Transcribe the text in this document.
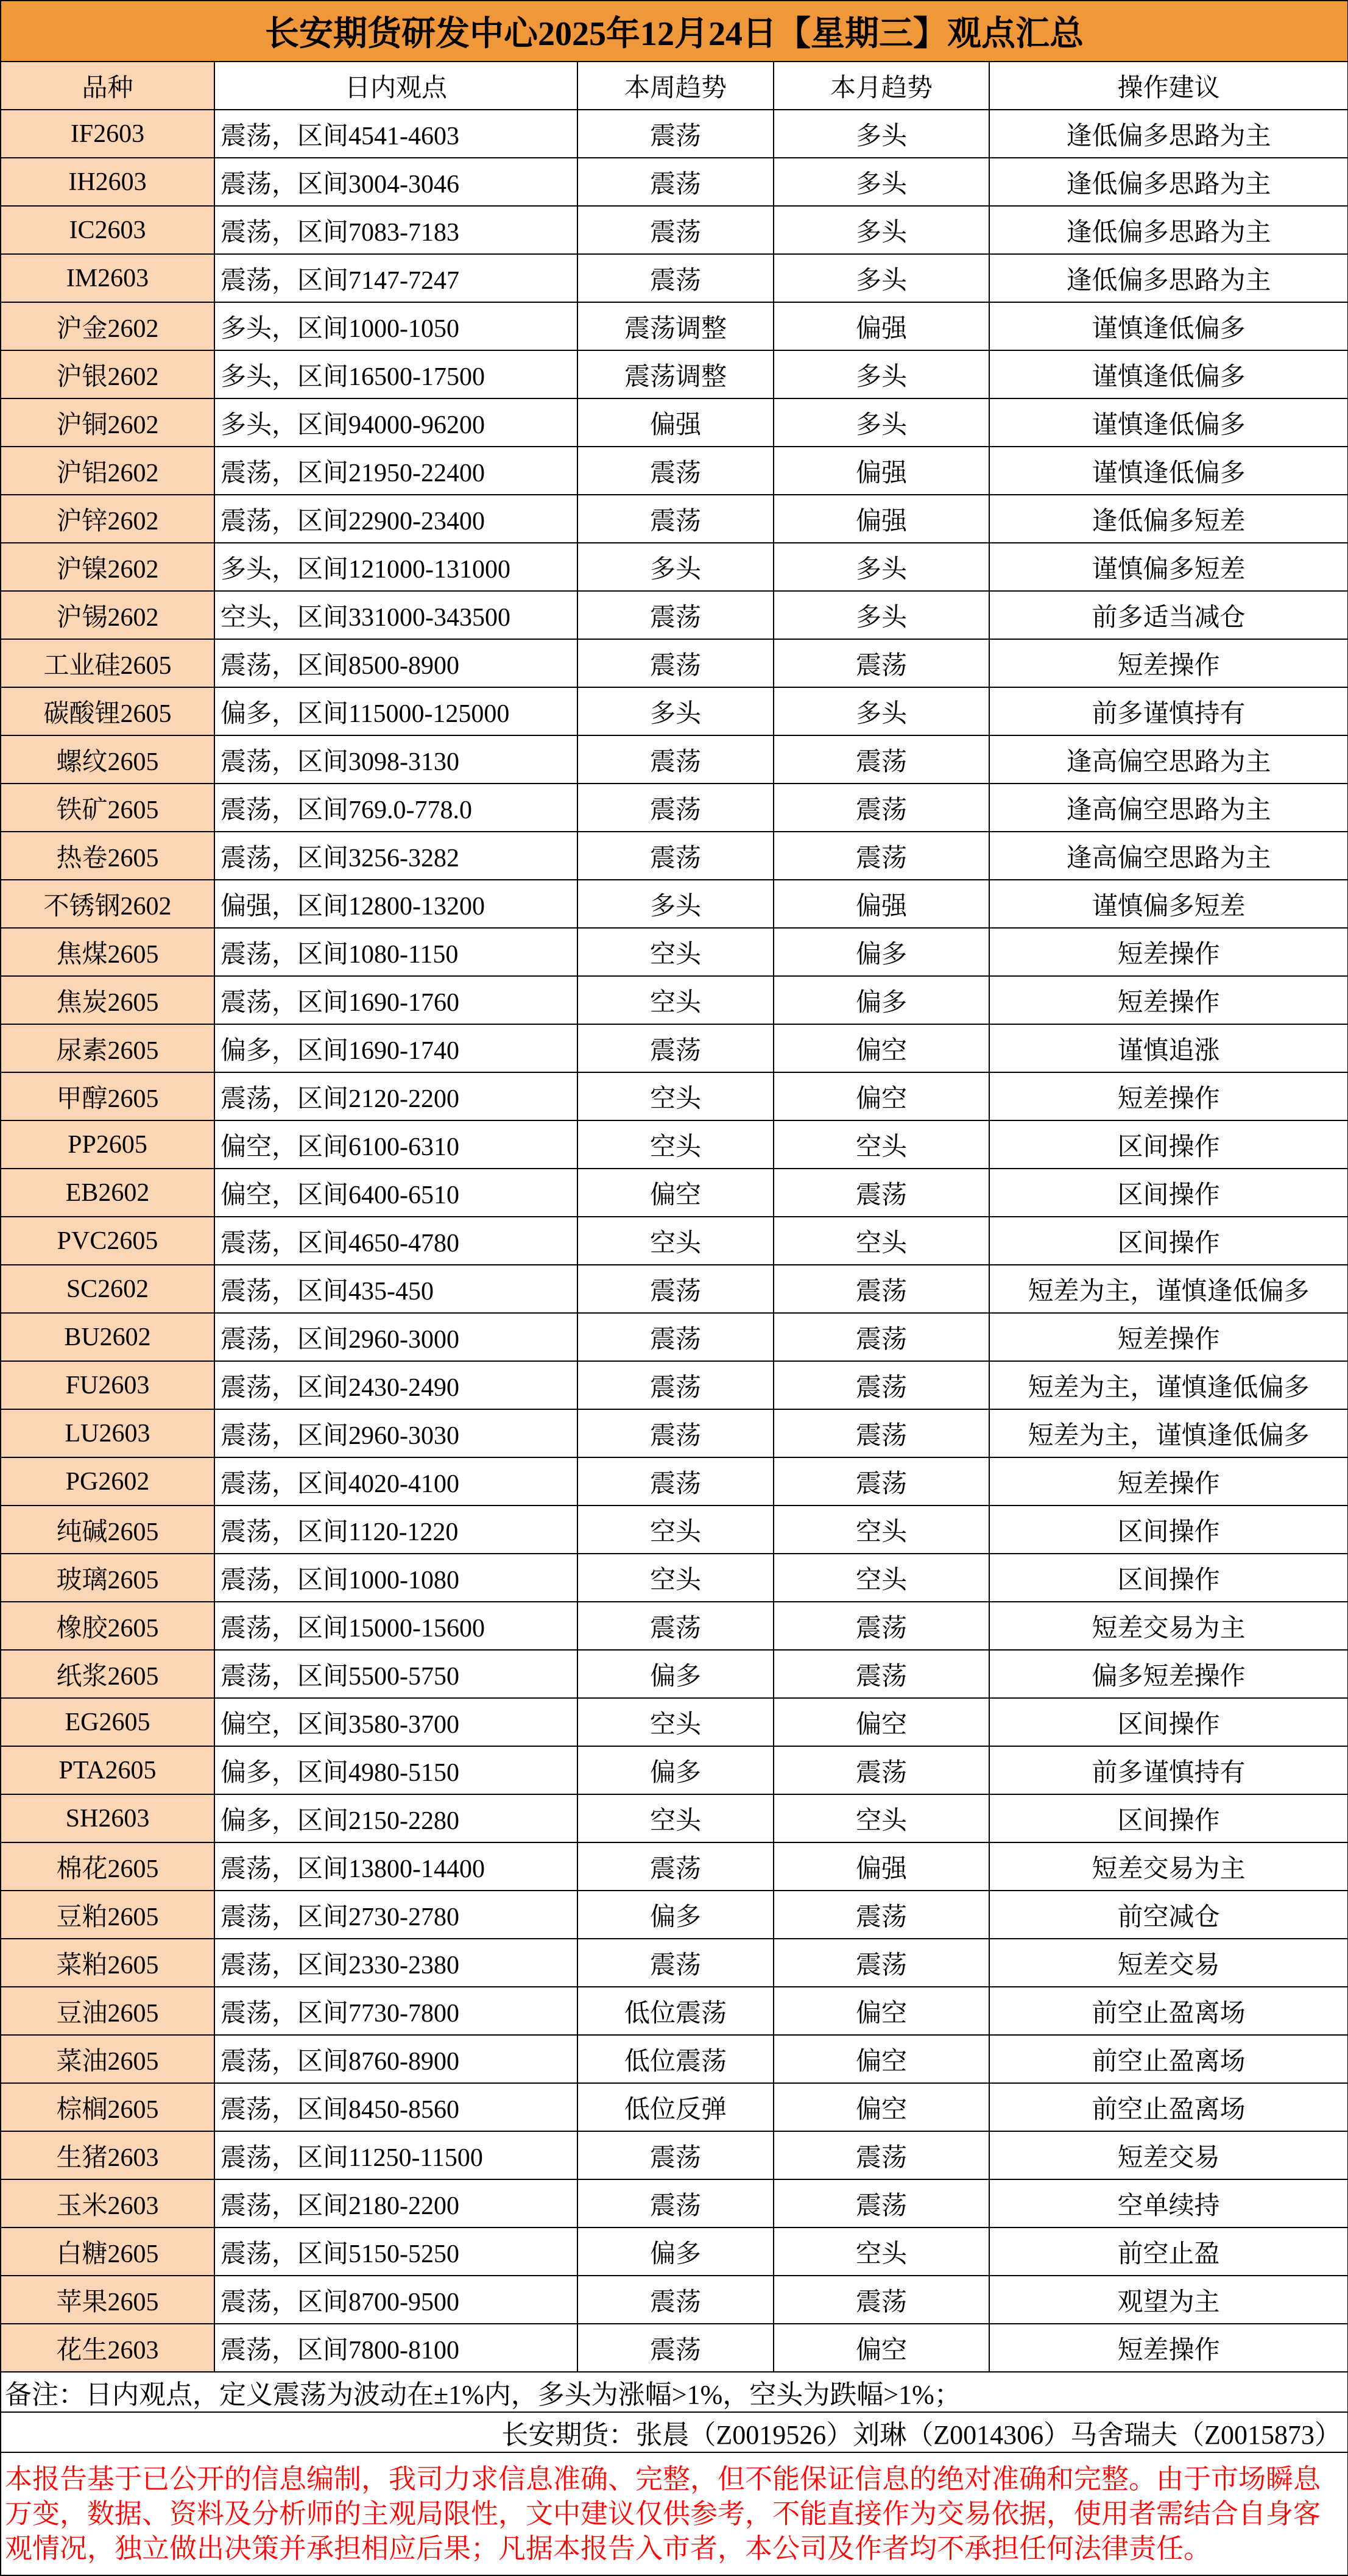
长安期货研发中心2025年12月24日【星期三】观点汇总				
品种	日内观点	本周趋势	本月趋势	操作建议
IF2603	震荡，区间4541-4603	震荡	多头	逢低偏多思路为主
IH2603	震荡，区间3004-3046	震荡	多头	逢低偏多思路为主
IC2603	震荡，区间7083-7183	震荡	多头	逢低偏多思路为主
IM2603	震荡，区间7147-7247	震荡	多头	逢低偏多思路为主
沪金2602	多头，区间1000-1050	震荡调整	偏强	谨慎逢低偏多
沪银2602	多头，区间16500-17500	震荡调整	多头	谨慎逢低偏多
沪铜2602	多头，区间94000-96200	偏强	多头	谨慎逢低偏多
沪铝2602	震荡，区间21950-22400	震荡	偏强	谨慎逢低偏多
沪锌2602	震荡，区间22900-23400	震荡	偏强	逢低偏多短差
沪镍2602	多头，区间121000-131000	多头	多头	谨慎偏多短差
沪锡2602	空头，区间331000-343500	震荡	多头	前多适当减仓
工业硅2605	震荡，区间8500-8900	震荡	震荡	短差操作
碳酸锂2605	偏多，区间115000-125000	多头	多头	前多谨慎持有
螺纹2605	震荡，区间3098-3130	震荡	震荡	逢高偏空思路为主
铁矿2605	震荡，区间769.0-778.0	震荡	震荡	逢高偏空思路为主
热卷2605	震荡，区间3256-3282	震荡	震荡	逢高偏空思路为主
不锈钢2602	偏强，区间12800-13200	多头	偏强	谨慎偏多短差
焦煤2605	震荡，区间1080-1150	空头	偏多	短差操作
焦炭2605	震荡，区间1690-1760	空头	偏多	短差操作
尿素2605	偏多，区间1690-1740	震荡	偏空	谨慎追涨
甲醇2605	震荡，区间2120-2200	空头	偏空	短差操作
PP2605	偏空，区间6100-6310	空头	空头	区间操作
EB2602	偏空，区间6400-6510	偏空	震荡	区间操作
PVC2605	震荡，区间4650-4780	空头	空头	区间操作
SC2602	震荡，区间435-450	震荡	震荡	短差为主，谨慎逢低偏多
BU2602	震荡，区间2960-3000	震荡	震荡	短差操作
FU2603	震荡，区间2430-2490	震荡	震荡	短差为主，谨慎逢低偏多
LU2603	震荡，区间2960-3030	震荡	震荡	短差为主，谨慎逢低偏多
PG2602	震荡，区间4020-4100	震荡	震荡	短差操作
纯碱2605	震荡，区间1120-1220	空头	空头	区间操作
玻璃2605	震荡，区间1000-1080	空头	空头	区间操作
橡胶2605	震荡，区间15000-15600	震荡	震荡	短差交易为主
纸浆2605	震荡，区间5500-5750	偏多	震荡	偏多短差操作
EG2605	偏空，区间3580-3700	空头	偏空	区间操作
PTA2605	偏多，区间4980-5150	偏多	震荡	前多谨慎持有
SH2603	偏多，区间2150-2280	空头	空头	区间操作
棉花2605	震荡，区间13800-14400	震荡	偏强	短差交易为主
豆粕2605	震荡，区间2730-2780	偏多	震荡	前空减仓
菜粕2605	震荡，区间2330-2380	震荡	震荡	短差交易
豆油2605	震荡，区间7730-7800	低位震荡	偏空	前空止盈离场
菜油2605	震荡，区间8760-8900	低位震荡	偏空	前空止盈离场
棕榈2605	震荡，区间8450-8560	低位反弹	偏空	前空止盈离场
生猪2603	震荡，区间11250-11500	震荡	震荡	短差交易
玉米2603	震荡，区间2180-2200	震荡	震荡	空单续持
白糖2605	震荡，区间5150-5250	偏多	空头	前空止盈
苹果2605	震荡，区间8700-9500	震荡	震荡	观望为主
花生2603	震荡，区间7800-8100	震荡	偏空	短差操作
备注：日内观点，定义震荡为波动在±1%内，多头为涨幅>1%，空头为跌幅>1%；				
长安期货：张晨（Z0019526）刘琳（Z0014306）马舍瑞夫（Z0015873）				
本报告基于已公开的信息编制，我司力求信息准确、完整，但不能保证信息的绝对准确和完整。由于市场瞬息万变，数据、资料及分析师的主观局限性，文中建议仅供参考，不能直接作为交易依据，使用者需结合自身客观情况，独立做出决策并承担相应后果；凡据本报告入市者，本公司及作者均不承担任何法律责任。				
